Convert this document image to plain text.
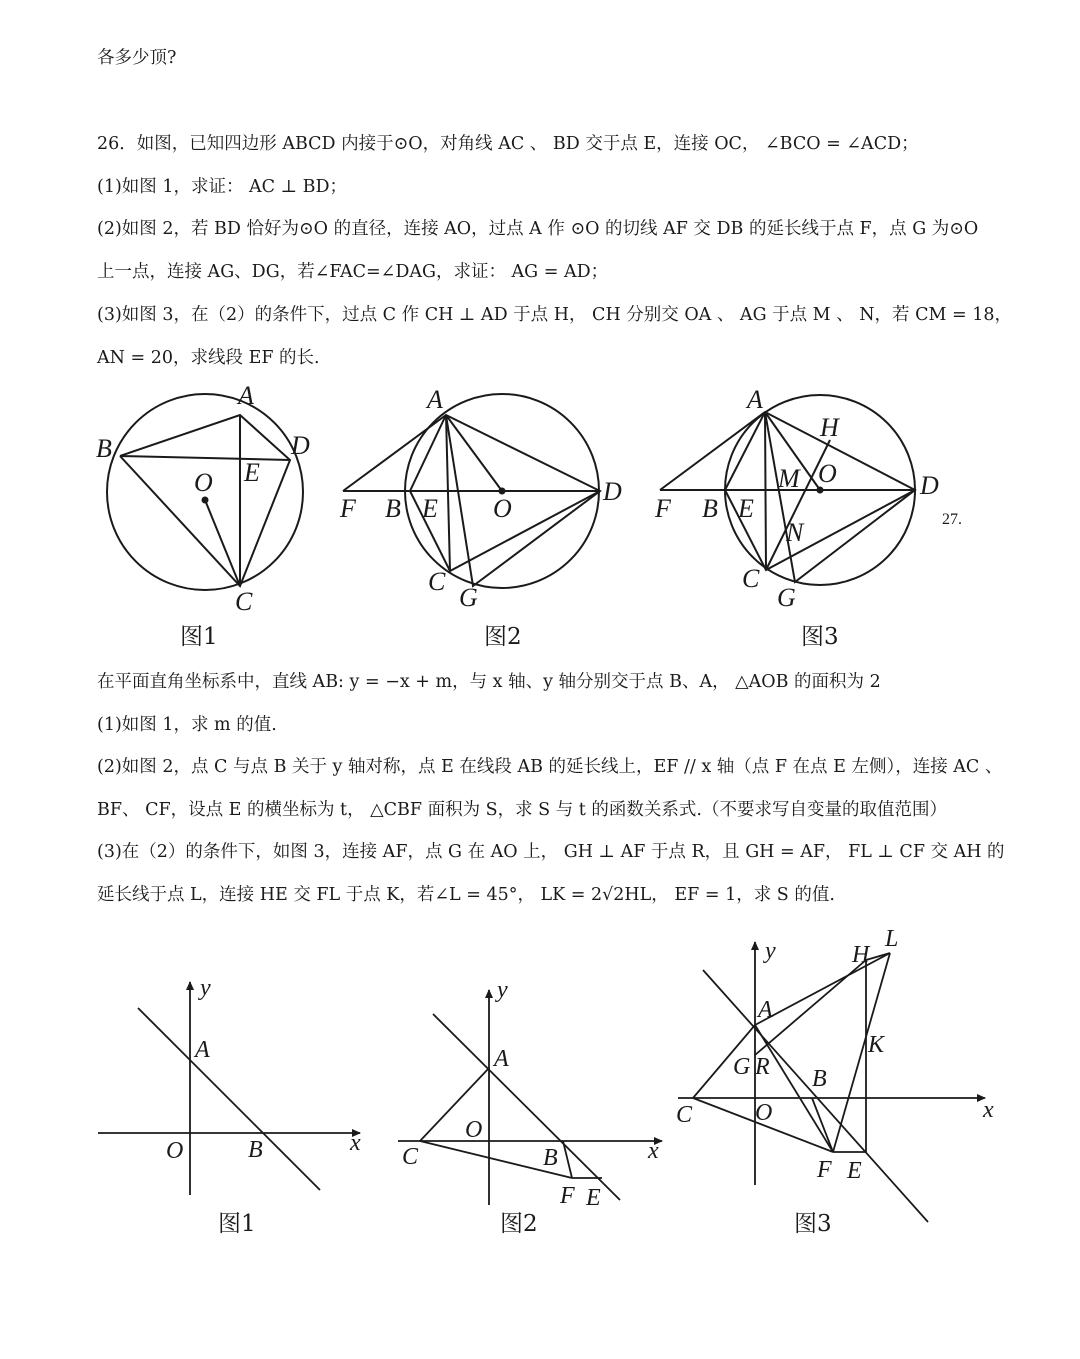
各多少顶?
26．如图，已知四边形 ABCD 内接于⊙O，对角线 AC 、 BD 交于点 E，连接 OC， ∠BCO = ∠ACD；
(1)如图 1，求证： AC ⊥ BD；
(2)如图 2，若 BD 恰好为⊙O 的直径，连接 AO，过点 A 作 ⊙O 的切线 AF 交 DB 的延长线于点 F，点 G 为⊙O
上一点，连接 AG、DG，若∠FAC=∠DAG，求证： AG = AD；
(3)如图 3，在（2）的条件下，过点 C 作 CH ⊥ AD 于点 H， CH 分别交 OA 、 AG 于点 M 、 N，若 CM = 18，
AN = 20，求线段 EF 的长.
A
B	D
E
O
C
A
F B E O
D
C
G
A
H
M O
F B E
N
D
C
G
27.
图1	图2	图3
在平面直角坐标系中，直线 AB: y = −x + m，与 x 轴、y 轴分别交于点 B、A， △AOB 的面积为 2
(1)如图 1，求 m 的值.
(2)如图 2，点 C 与点 B 关于 y 轴对称，点 E 在线段 AB 的延长线上，EF // x 轴（点 F 在点 E 左侧），连接 AC 、
BF、 CF，设点 E 的横坐标为 t， △CBF 面积为 S，求 S 与 t 的函数关系式.（不要求写自变量的取值范围）
(3)在（2）的条件下，如图 3，连接 AF，点 G 在 AO 上， GH ⊥ AF 于点 R，且 GH = AF， FL ⊥ CF 交 AH 的
延长线于点 L，连接 HE 交 FL 于点 K，若∠L = 45°， LK = 2√2HL， EF = 1，求 S 的值.
y
x
A
O	B
y
x
A
O
C	B
F E
y
x
A
G R B
O
C
H
L
K
F E
图1	图2	图3
